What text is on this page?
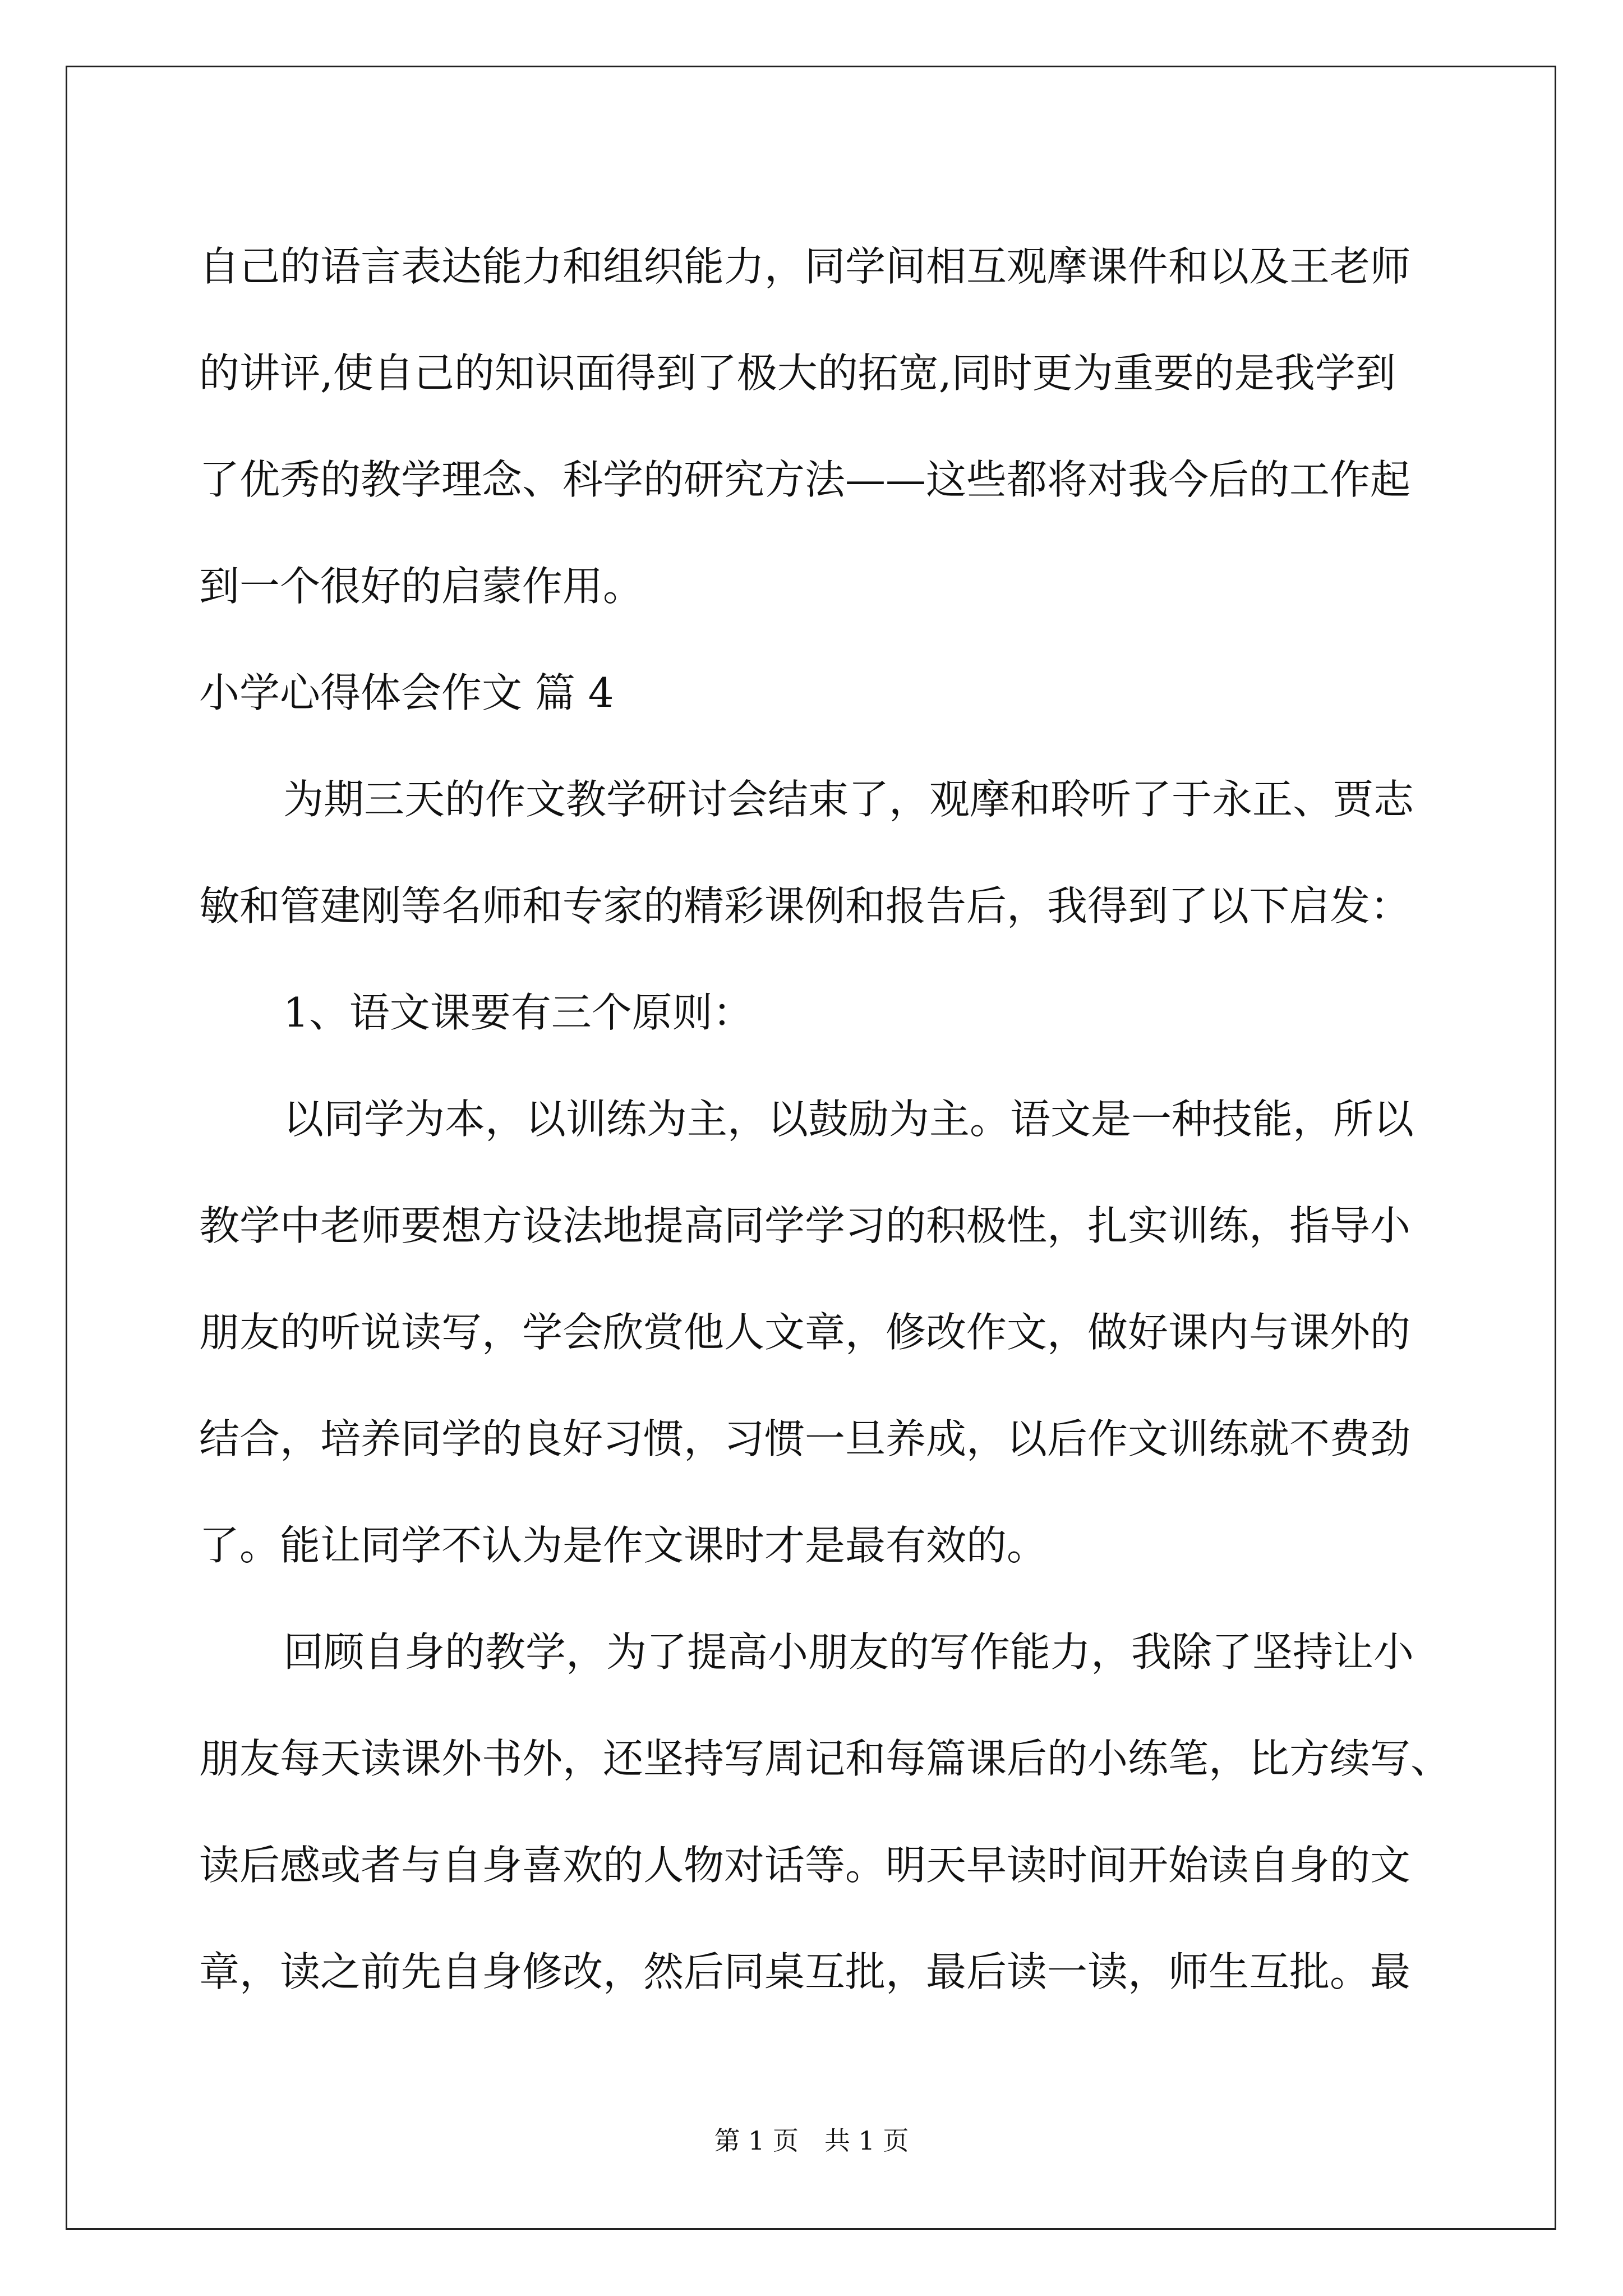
自己的语言表达能力和组织能力，同学间相互观摩课件和以及王老师
的讲评,使自己的知识面得到了极大的拓宽,同时更为重要的是我学到
了优秀的教学理念、科学的研究方法——这些都将对我今后的工作起
到一个很好的启蒙作用。
小学心得体会作文 篇 4
为期三天的作文教学研讨会结束了，观摩和聆听了于永正、贾志
敏和管建刚等名师和专家的精彩课例和报告后，我得到了以下启发：
1、语文课要有三个原则：
以同学为本，以训练为主，以鼓励为主。语文是一种技能，所以
教学中老师要想方设法地提高同学学习的积极性，扎实训练，指导小
朋友的听说读写，学会欣赏他人文章，修改作文，做好课内与课外的
结合，培养同学的良好习惯，习惯一旦养成，以后作文训练就不费劲
了。能让同学不认为是作文课时才是最有效的。
回顾自身的教学，为了提高小朋友的写作能力，我除了坚持让小
朋友每天读课外书外，还坚持写周记和每篇课后的小练笔，比方续写、
读后感或者与自身喜欢的人物对话等。明天早读时间开始读自身的文
章，读之前先自身修改，然后同桌互批，最后读一读，师生互批。最
第 1 页 共 1 页
